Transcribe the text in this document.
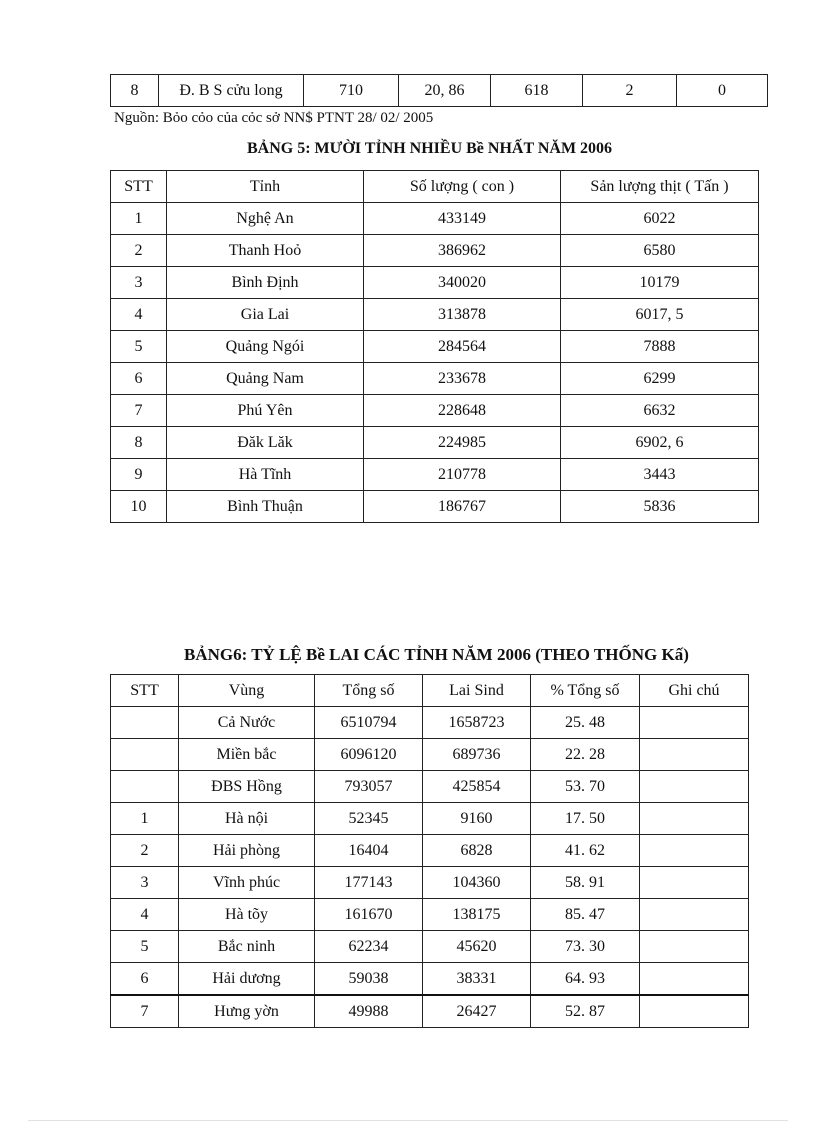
8	Đ. B S cửu long	710	20, 86	618	2	0
Nguồn: Bỏo cỏo của cỏc sở NN$ PTNT 28/ 02/ 2005
BẢNG 5: MƯỜI TỈNH NHIỀU Bề NHẤT NĂM 2006
STT	Tỉnh	Số lượng ( con )	Sản lượng thịt ( Tấn )
1	Nghệ An	433149	6022
2	Thanh Hoỏ	386962	6580
3	Bình Định	340020	10179
4	Gia Lai	313878	6017, 5
5	Quảng Ngói	284564	7888
6	Quảng Nam	233678	6299
7	Phú Yên	228648	6632
8	Đăk Lăk	224985	6902, 6
9	Hà Tĩnh	210778	3443
10	Bình Thuận	186767	5836
BẢNG6: TỶ LỆ Bề LAI CÁC TỈNH NĂM 2006 (THEO THỐNG Kấ)
STT	Vùng	Tổng số	Lai Sind	% Tổng số	Ghi chú
	Cả Nước	6510794	1658723	25. 48	
	Miền bắc	6096120	689736	22. 28	
	ĐBS Hồng	793057	425854	53. 70	
1	Hà nội	52345	9160	17. 50	
2	Hải phòng	16404	6828	41. 62	
3	Vĩnh phúc	177143	104360	58. 91	
4	Hà tõy	161670	138175	85. 47	
5	Bắc ninh	62234	45620	73. 30	
6	Hải dương	59038	38331	64. 93	
7	Hưng yờn	49988	26427	52. 87	
